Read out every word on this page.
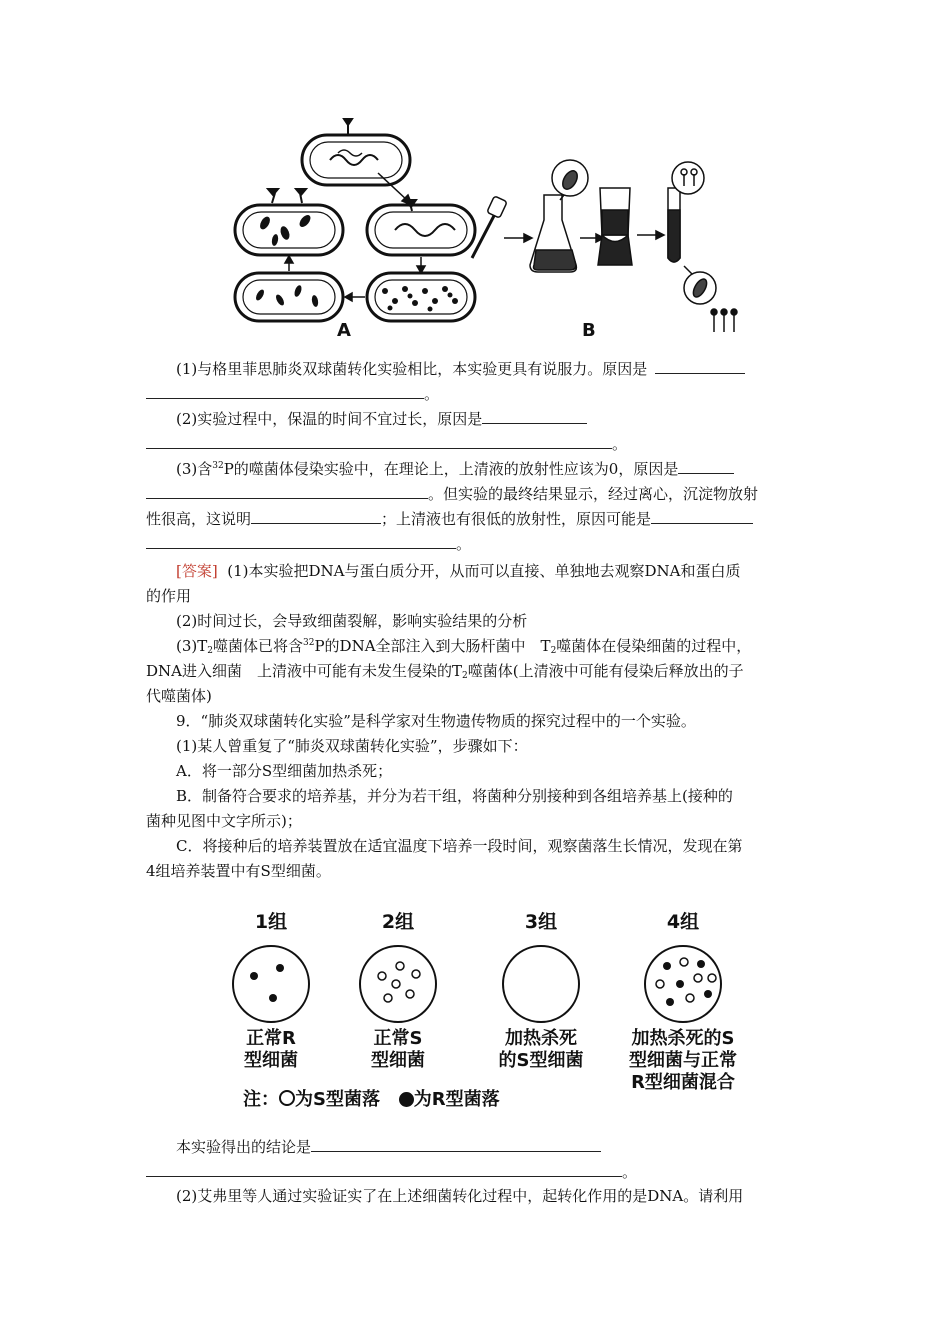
A	B
(1)与格里菲思肺炎双球菌转化实验相比，本实验更具有说服力。原因是
。
(2)实验过程中，保温的时间不宜过长，原因是
。
(3)含$^{32}$P的噬菌体侵染实验中，在理论上，上清液的放射性应该为0，原因是
。但实验的最终结果显示，经过离心，沉淀物放射
性很高，这说明	；上清液也有很低的放射性，原因可能是
。
[答案] (1)本实验把DNA与蛋白质分开，从而可以直接、单独地去观察DNA和蛋白质
的作用
(2)时间过长，会导致细菌裂解，影响实验结果的分析
$(3)T_2$噬菌体已将含$^{32}$P的DNA全部注入到大肠杆菌中　$T_2$噬菌体在侵染细菌的过程中，
DNA进入细菌　上清液中可能有未发生侵染的$T_2$噬菌体(上清液中可能有侵染后释放出的子
代噬菌体)
9．“肺炎双球菌转化实验”是科学家对生物遗传物质的探究过程中的一个实验。
(1)某人曾重复了“肺炎双球菌转化实验”，步骤如下：
A．将一部分S型细菌加热杀死；
B．制备符合要求的培养基，并分为若干组，将菌种分别接种到各组培养基上(接种的
菌种见图中文字所示)；
C．将接种后的培养装置放在适宜温度下培养一段时间，观察菌落生长情况，发现在第
4组培养装置中有S型细菌。
1组	2组	3组	4组
正常R
型细菌
正常S
型细菌
加热杀死
的S型细菌
加热杀死的S
型细菌与正常
R型细菌混合
注： 为S型菌落 为R型菌落
本实验得出的结论是
。
(2)艾弗里等人通过实验证实了在上述细菌转化过程中，起转化作用的是DNA。请利用
